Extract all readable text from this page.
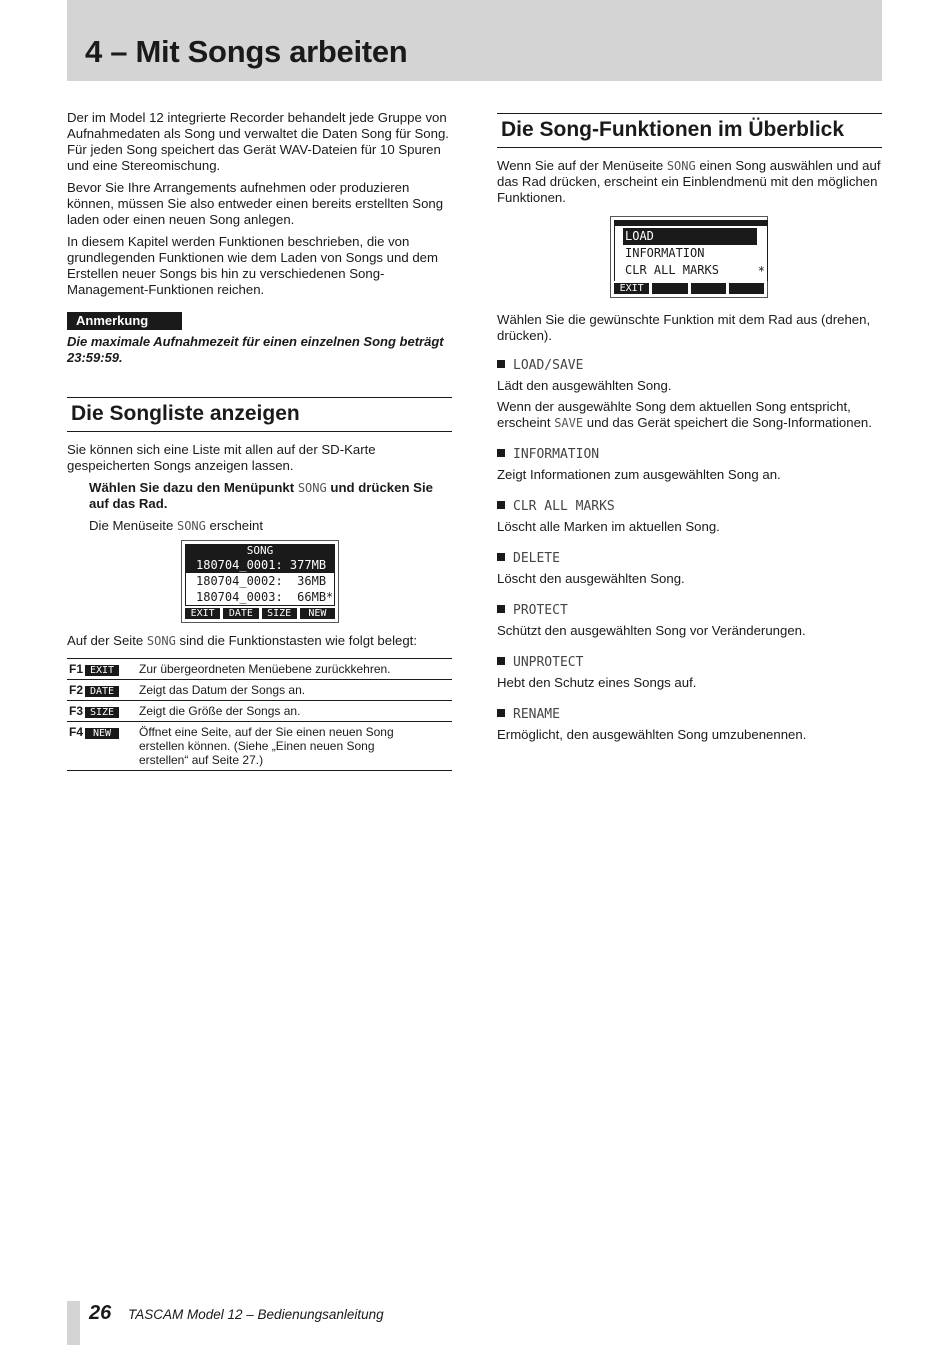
4 – Mit Songs arbeiten

Der im Model 12 integrierte Recorder behandelt jede Gruppe von Aufnahmedaten als Song und verwaltet die Daten Song für Song. Für jeden Song speichert das Gerät WAV-Dateien für 10 Spuren und eine Stereomischung.

Bevor Sie Ihre Arrangements aufnehmen oder produzieren können, müssen Sie also entweder einen bereits erstellten Song laden oder einen neuen Song anlegen.

In diesem Kapitel werden Funktionen beschrieben, die von grundlegenden Funktionen wie dem Laden von Songs und dem Erstellen neuer Songs bis hin zu verschiedenen Song-Management-Funktionen reichen.

Anmerkung
Die maximale Aufnahmezeit für einen einzelnen Song beträgt 23:59:59.
Die Songliste anzeigen

Sie können sich eine Liste mit allen auf der SD-Karte gespeicherten Songs anzeigen lassen.

Wählen Sie dazu den Menüpunkt SONG und drücken Sie auf das Rad.

Die Menüseite SONG erscheint

SONG
180704_0001: 377MB
180704_0002:  36MB
180704_0003:  66MB*
EXIT	DATE	SIZE	NEW

Auf der Seite SONG sind die Funktionstasten wie folgt belegt:

F1 EXIT	Zur übergeordneten Menüebene zurückkehren.
F2 DATE	Zeigt das Datum der Songs an.
F3 SIZE	Zeigt die Größe der Songs an.
F4 NEW	Öffnet eine Seite, auf der Sie einen neuen Song erstellen können. (Siehe „Einen neuen Song erstellen“ auf Seite 27.)
Die Song-Funktionen im Überblick

Wenn Sie auf der Menüseite SONG einen Song auswählen und auf das Rad drücken, erscheint ein Einblendmenü mit den möglichen Funktionen.

LOAD
INFORMATION
CLR ALL MARKS	*
EXIT

Wählen Sie die gewünschte Funktion mit dem Rad aus (drehen, drücken).

LOAD/SAVE

Lädt den ausgewählten Song.

Wenn der ausgewählte Song dem aktuellen Song entspricht, erscheint SAVE und das Gerät speichert die Song-Informationen.

INFORMATION

Zeigt Informationen zum ausgewählten Song an.

CLR ALL MARKS

Löscht alle Marken im aktuellen Song.

DELETE

Löscht den ausgewählten Song.

PROTECT

Schützt den ausgewählten Song vor Veränderungen.

UNPROTECT

Hebt den Schutz eines Songs auf.

RENAME

Ermöglicht, den ausgewählten Song umzubenennen.

26 TASCAM Model 12 – Bedienungsanleitung
